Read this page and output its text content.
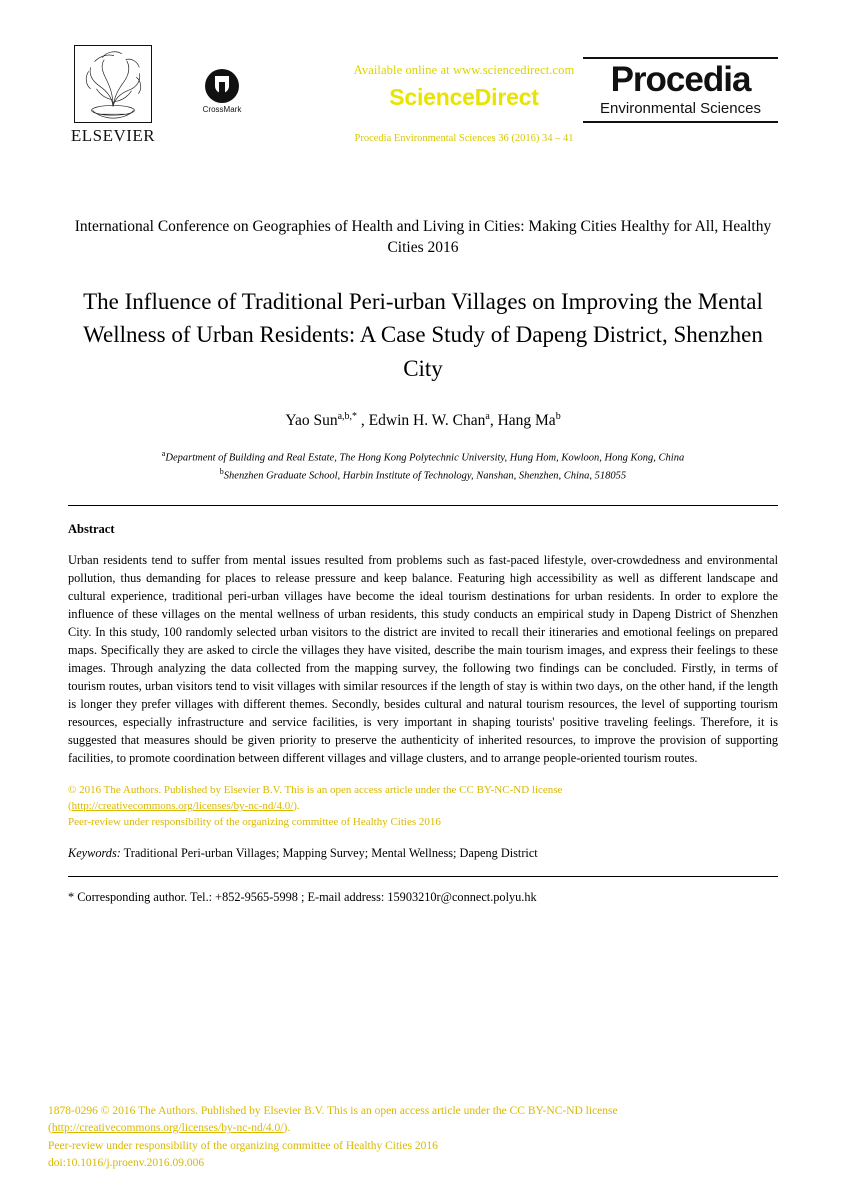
ELSEVIER
CrossMark
Available online at www.sciencedirect.com
ScienceDirect
Procedia Environmental Sciences 36 (2016) 34 – 41
Procedia
Environmental Sciences
International Conference on Geographies of Health and Living in Cities: Making Cities Healthy for All, Healthy Cities 2016
The Influence of Traditional Peri-urban Villages on Improving the Mental Wellness of Urban Residents: A Case Study of Dapeng District, Shenzhen City
Yao Sun$^{a,b,*}$ , Edwin H. W. Chan$^a$, Hang Ma$^b$
$^a$Department of Building and Real Estate, The Hong Kong Polytechnic University, Hung Hom, Kowloon, Hong Kong, China
$^b$Shenzhen Graduate School, Harbin Institute of Technology, Nanshan, Shenzhen, China, 518055
Abstract
Urban residents tend to suffer from mental issues resulted from problems such as fast-paced lifestyle, over-crowdedness and environmental pollution, thus demanding for places to release pressure and keep balance. Featuring high accessibility as well as different landscape and cultural experience, traditional peri-urban villages have become the ideal tourism destinations for urban residents. In order to explore the influence of these villages on the mental wellness of urban residents, this study conducts an empirical study in Dapeng District of Shenzhen City. In this study, 100 randomly selected urban visitors to the district are invited to recall their itineraries and emotional feelings on prepared maps. Specifically they are asked to circle the villages they have visited, describe the main tourism images, and express their feelings to these images. Through analyzing the data collected from the mapping survey, the following two findings can be concluded. Firstly, in terms of tourism routes, urban visitors tend to visit villages with similar resources if the length of stay is within two days, on the other hand, if the length is longer they prefer villages with different themes. Secondly, besides cultural and natural tourism resources, the level of supporting tourism resources, especially infrastructure and service facilities, is very important in shaping tourists' positive traveling feelings. Therefore, it is suggested that measures should be given priority to preserve the authenticity of inherited resources, to improve the provision of supporting facilities, to promote coordination between different villages and village clusters, and to arrange people-oriented tourism routes.
© 2016 The Authors. Published by Elsevier B.V. This is an open access article under the CC BY-NC-ND license
(http://creativecommons.org/licenses/by-nc-nd/4.0/).
Peer-review under responsibility of the organizing committee of Healthy Cities 2016
Keywords: Traditional Peri-urban Villages; Mapping Survey; Mental Wellness; Dapeng District
* Corresponding author. Tel.: +852-9565-5998 ; E-mail address: 15903210r@connect.polyu.hk
1878-0296 © 2016 The Authors. Published by Elsevier B.V. This is an open access article under the CC BY-NC-ND license
(http://creativecommons.org/licenses/by-nc-nd/4.0/).
Peer-review under responsibility of the organizing committee of Healthy Cities 2016
doi:10.1016/j.proenv.2016.09.006
